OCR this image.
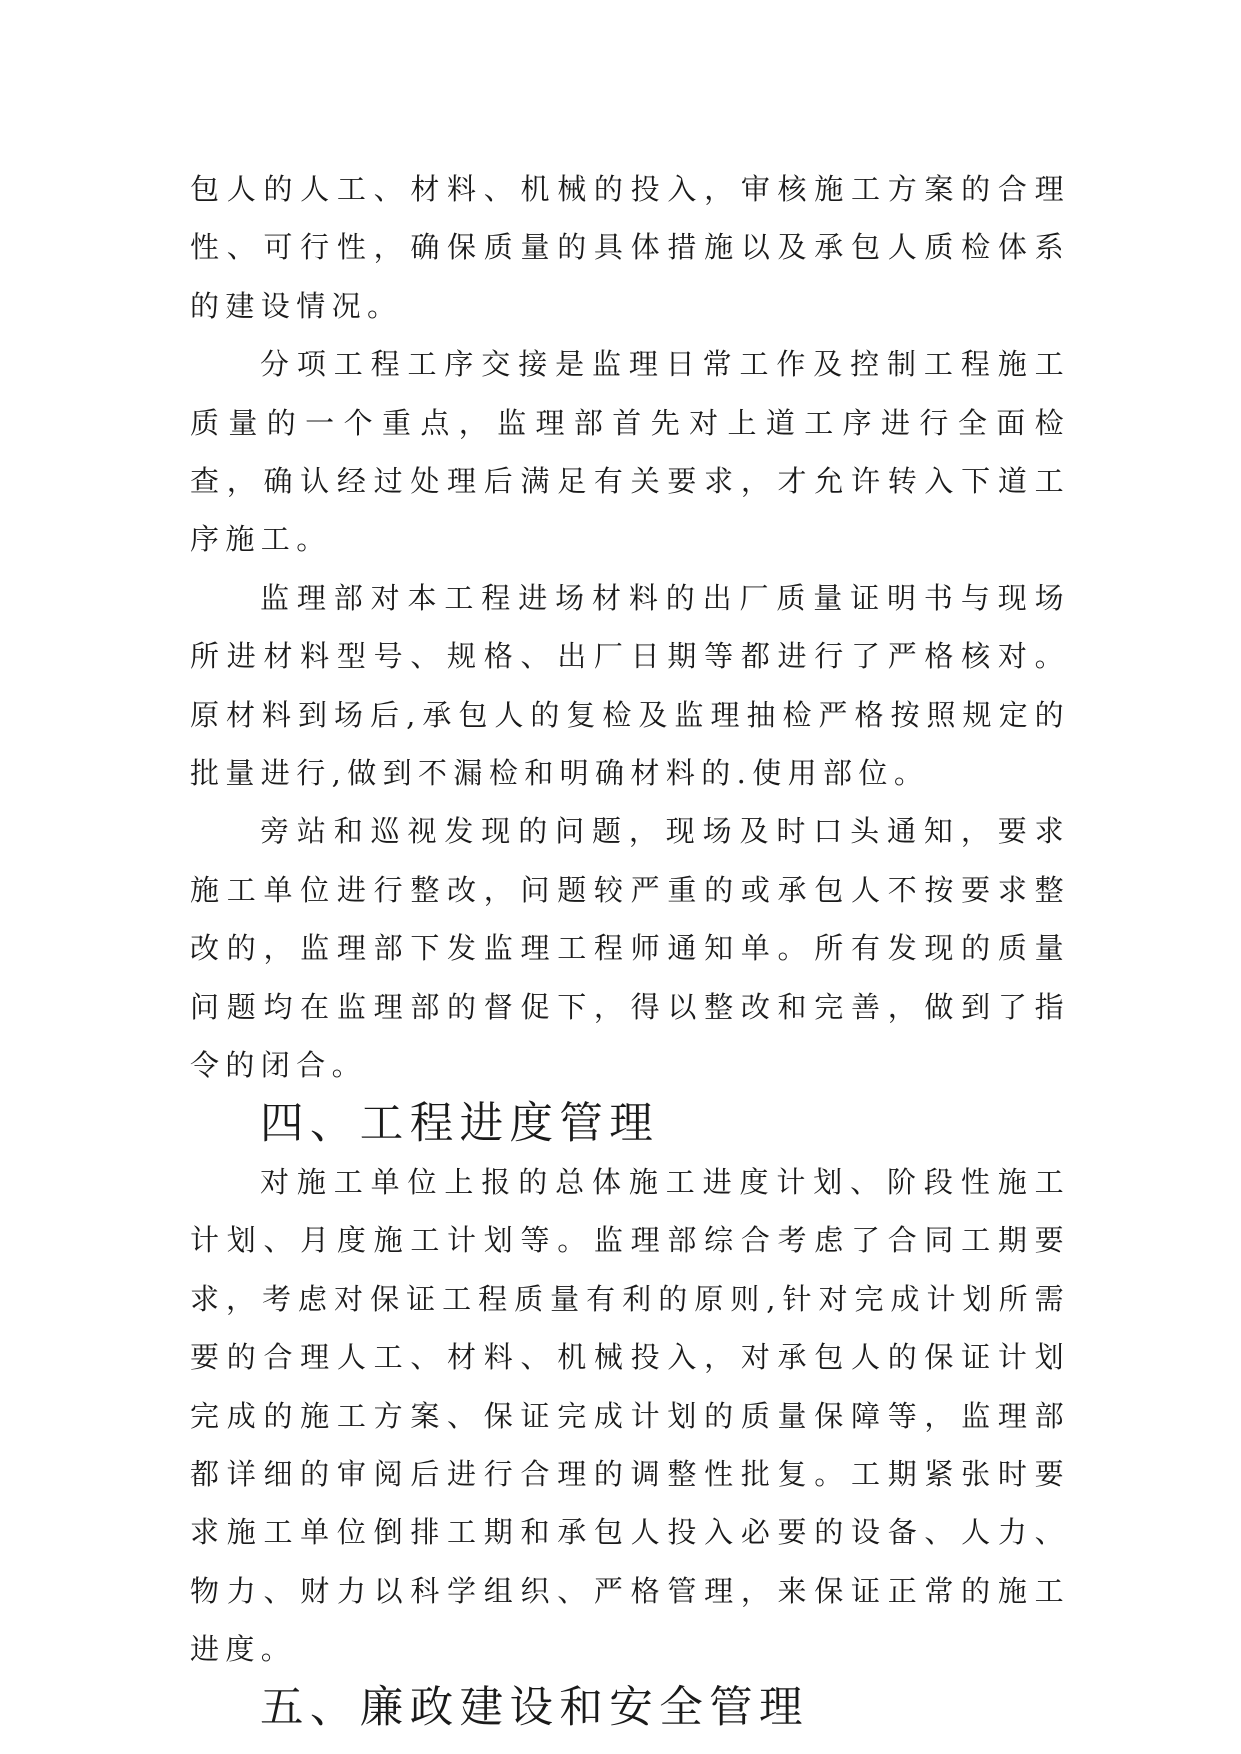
包人的人工、材料、机械的投入，审核施工方案的合理性、可行性，确保质量的具体措施以及承包人质检体系的建设情况。

分项工程工序交接是监理日常工作及控制工程施工质量的一个重点，监理部首先对上道工序进行全面检查，确认经过处理后满足有关要求，才允许转入下道工序施工。

监理部对本工程进场材料的出厂质量证明书与现场所进材料型号、规格、出厂日期等都进行了严格核对。原材料到场后,承包人的复检及监理抽检严格按照规定的批量进行,做到不漏检和明确材料的.使用部位。

旁站和巡视发现的问题，现场及时口头通知，要求施工单位进行整改，问题较严重的或承包人不按要求整改的，监理部下发监理工程师通知单。所有发现的质量问题均在监理部的督促下，得以整改和完善，做到了指令的闭合。

四、工程进度管理

对施工单位上报的总体施工进度计划、阶段性施工计划、月度施工计划等。监理部综合考虑了合同工期要求，考虑对保证工程质量有利的原则,针对完成计划所需要的合理人工、材料、机械投入，对承包人的保证计划完成的施工方案、保证完成计划的质量保障等，监理部都详细的审阅后进行合理的调整性批复。工期紧张时要求施工单位倒排工期和承包人投入必要的设备、人力、物力、财力以科学组织、严格管理，来保证正常的施工进度。

五、廉政建设和安全管理
